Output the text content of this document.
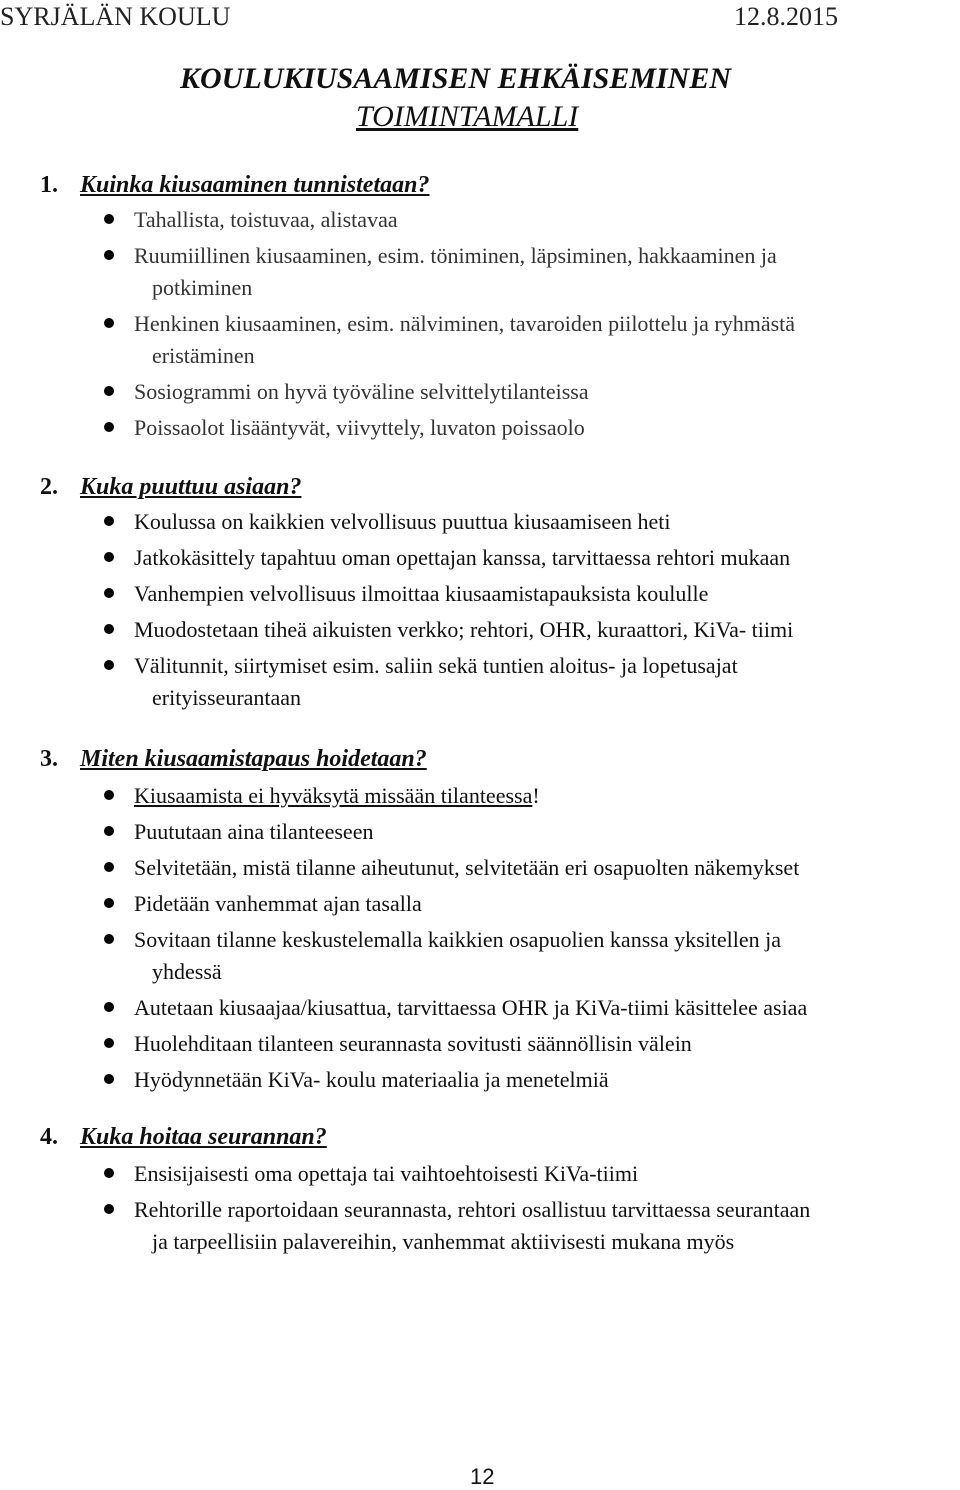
SYRJÄLÄN KOULU	12.8.2015
KOULUKIUSAAMISEN EHKÄISEMINEN
TOIMINTAMALLI
1. Kuinka kiusaaminen tunnistetaan?
Tahallista, toistuvaa, alistavaa
Ruumiillinen kiusaaminen, esim. töniminen, läpsiminen, hakkaaminen ja
potkiminen
Henkinen kiusaaminen, esim. nälviminen, tavaroiden piilottelu ja ryhmästä
eristäminen
Sosiogrammi on hyvä työväline selvittelytilanteissa
Poissaolot lisääntyvät, viivyttely, luvaton poissaolo
2. Kuka puuttuu asiaan?
Koulussa on kaikkien velvollisuus puuttua kiusaamiseen heti
Jatkokäsittely tapahtuu oman opettajan kanssa, tarvittaessa rehtori mukaan
Vanhempien velvollisuus ilmoittaa kiusaamistapauksista koululle
Muodostetaan tiheä aikuisten verkko; rehtori, OHR, kuraattori, KiVa- tiimi
Välitunnit, siirtymiset esim. saliin sekä tuntien aloitus- ja lopetusajat
erityisseurantaan
3. Miten kiusaamistapaus hoidetaan?
Kiusaamista ei hyväksytä missään tilanteessa!
Puututaan aina tilanteeseen
Selvitetään, mistä tilanne aiheutunut, selvitetään eri osapuolten näkemykset
Pidetään vanhemmat ajan tasalla
Sovitaan tilanne keskustelemalla kaikkien osapuolien kanssa yksitellen ja
yhdessä
Autetaan kiusaajaa/kiusattua, tarvittaessa OHR ja KiVa-tiimi käsittelee asiaa
Huolehditaan tilanteen seurannasta sovitusti säännöllisin välein
Hyödynnetään KiVa- koulu materiaalia ja menetelmiä
4. Kuka hoitaa seurannan?
Ensisijaisesti oma opettaja tai vaihtoehtoisesti KiVa-tiimi
Rehtorille raportoidaan seurannasta, rehtori osallistuu tarvittaessa seurantaan
ja tarpeellisiin palavereihin, vanhemmat aktiivisesti mukana myös
12
